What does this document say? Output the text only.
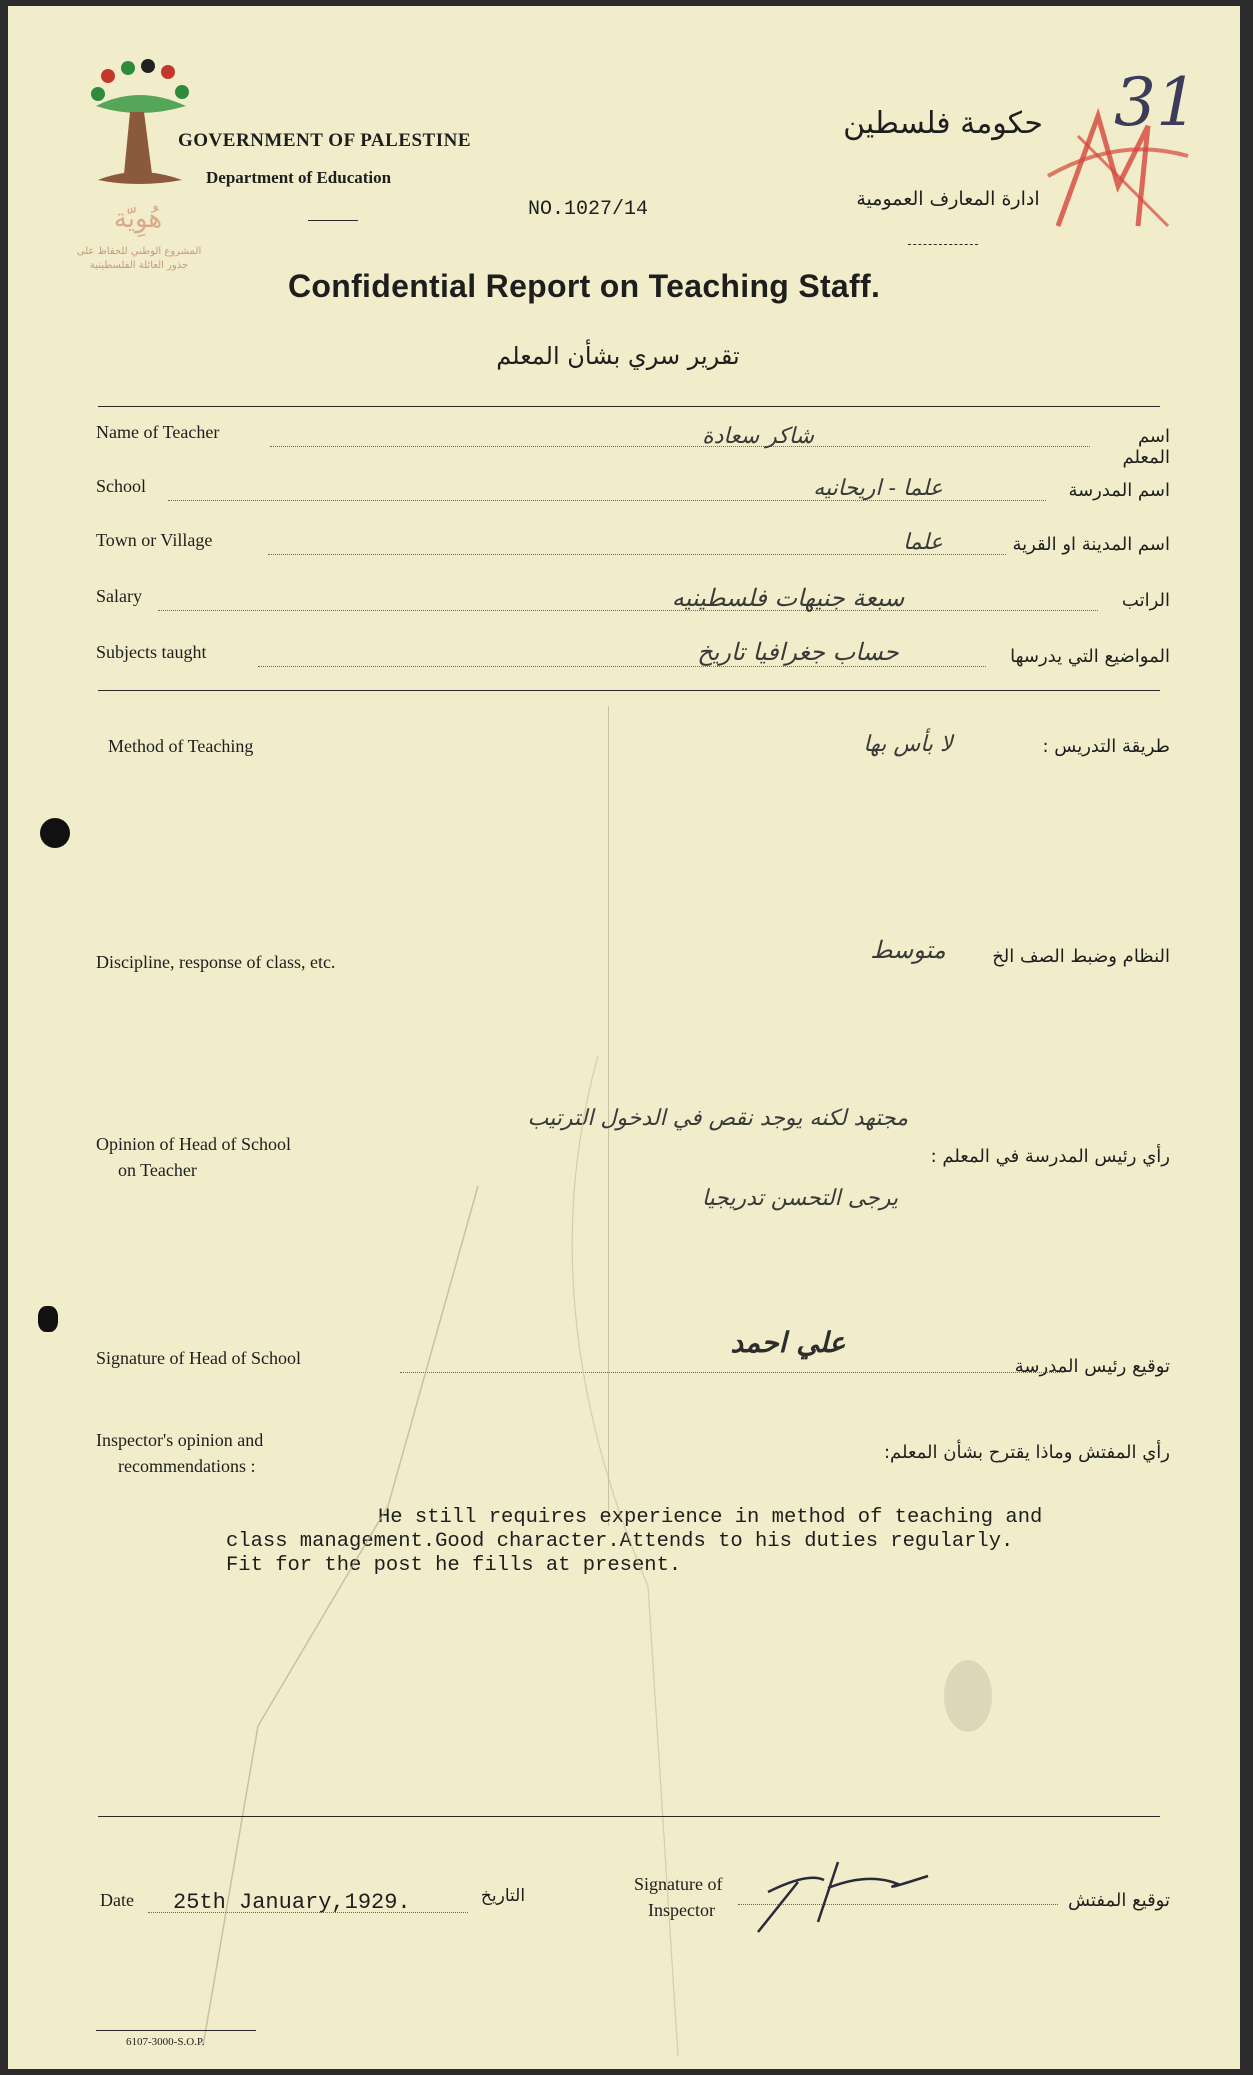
هُوِيّة
المشروع الوطني للحفاظ على
جذور العائلة الفلسطينية
GOVERNMENT OF PALESTINE
Department of Education
NO.1027/14
حكومة فلسطين
ادارة المعارف العمومية
31
Confidential Report on Teaching Staff.
تقرير سري بشأن المعلم
Name of Teacher	شاكر سعادة	اسم المعلم
School	علما - اريحانيه	اسم المدرسة
Town or Village	علما	اسم المدينة او القرية
Salary	سبعة جنيهات فلسطينيه	الراتب
Subjects taught	حساب جغرافيا تاريخ	المواضيع التي يدرسها
Method of Teaching	لا بأس بها	طريقة التدريس :
Discipline, response of class, etc.	متوسط	النظام وضبط الصف الخ
Opinion of Head of School
on Teacher
مجتهد لكنه يوجد نقص في الدخول الترتيب
يرجى التحسن تدريجيا
رأي رئيس المدرسة في المعلم :
Signature of Head of School	علي احمد
توقيع رئيس المدرسة
Inspector's opinion and
recommendations :
رأي المفتش وماذا يقترح بشأن المعلم:
He still requires experience in method of teaching and
class management.Good character.Attends to his duties regularly.
Fit for the post he fills at present.
Date 25th January,1929.	التاريخ
Signature of
Inspector	توقيع المفتش
6107-3000-S.O.P.
